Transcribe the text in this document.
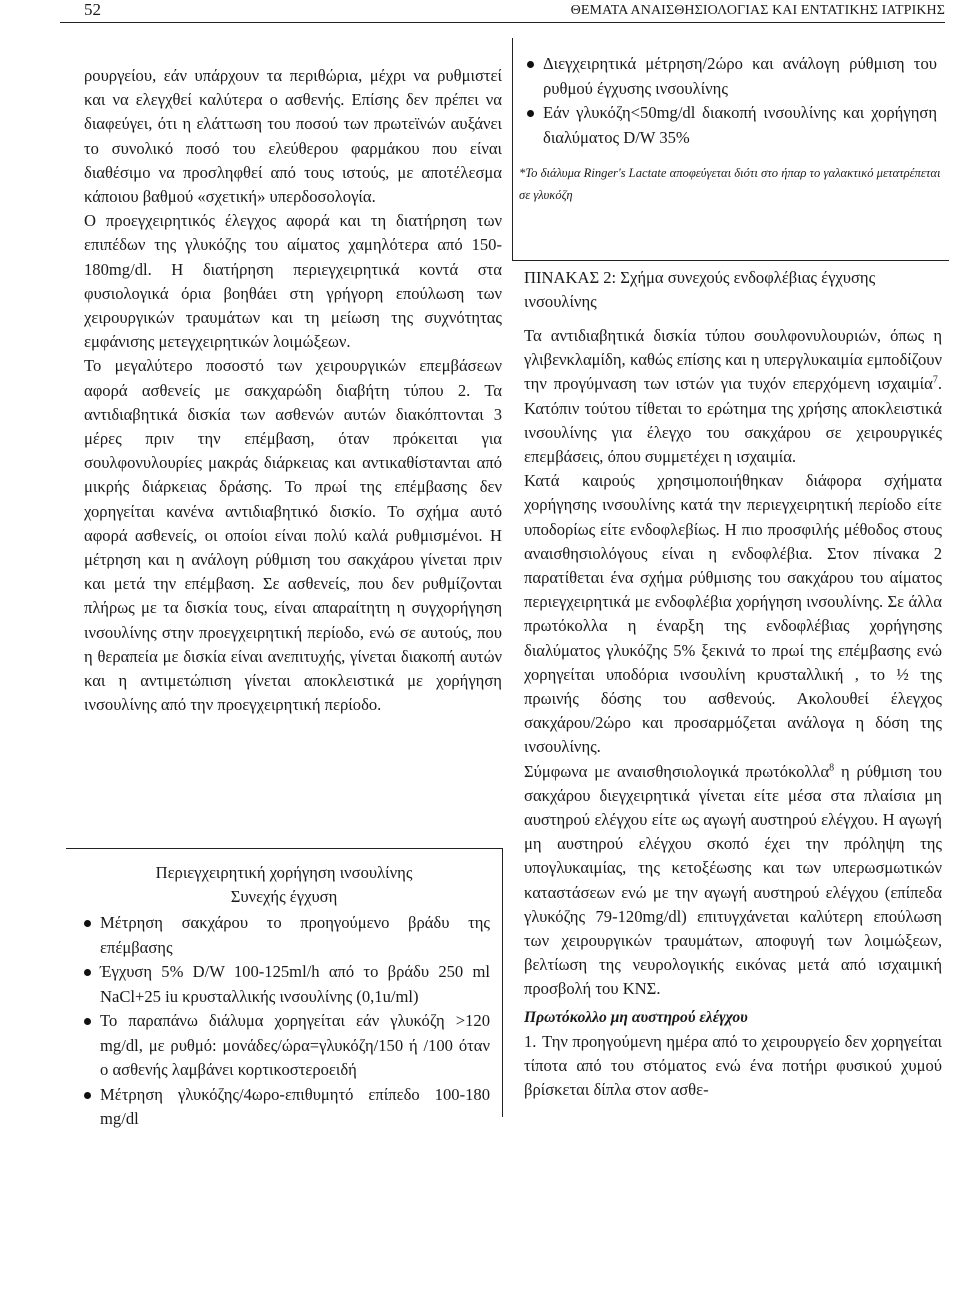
52	ΘΕΜΑΤΑ ΑΝΑΙΣΘΗΣΙΟΛΟΓΙΑΣ ΚΑΙ ΕΝΤΑΤΙΚΗΣ ΙΑΤΡΙΚΗΣ

ρουργείου, εάν υπάρχουν τα περιθώρια, μέχρι να ρυθμιστεί και να ελεγχθεί καλύτερα ο ασθενής. Επίσης δεν πρέπει να διαφεύγει, ότι η ελάττωση του ποσού των πρωτεϊνών αυξάνει το συνολικό ποσό του ελεύθερου φαρμάκου που είναι διαθέσιμο να προσληφθεί από τους ιστούς, με αποτέλεσμα κάποιου βαθμού «σχετική» υπερδοσολογία.

Ο προεγχειρητικός έλεγχος αφορά και τη διατήρηση των επιπέδων της γλυκόζης του αίματος χαμηλότερα από 150-180mg/dl. Η διατήρηση περιεγχειρητικά κοντά στα φυσιολογικά όρια βοηθάει στη γρήγορη επούλωση των χειρουργικών τραυμάτων και τη μείωση της συχνότητας εμφάνισης μετεγχειρητικών λοιμώξεων.

Το μεγαλύτερο ποσοστό των χειρουργικών επεμβάσεων αφορά ασθενείς με σακχαρώδη διαβήτη τύπου 2. Τα αντιδιαβητικά δισκία των ασθενών αυτών διακόπτονται 3 μέρες πριν την επέμβαση, όταν πρόκειται για σουλφονυλουρίες μακράς διάρκειας και αντικαθίστανται από μικρής διάρκειας δράσης. Το πρωί της επέμβασης δεν χορηγείται κανένα αντιδιαβητικό δισκίο. Το σχήμα αυτό αφορά ασθενείς, οι οποίοι είναι πολύ καλά ρυθμισμένοι. Η μέτρηση και η ανάλογη ρύθμιση του σακχάρου γίνεται πριν και μετά την επέμβαση. Σε ασθενείς, που δεν ρυθμίζονται πλήρως με τα δισκία τους, είναι απαραίτητη η συγχορήγηση ινσουλίνης στην προεγχειρητική περίοδο, ενώ σε αυτούς, που η θεραπεία με δισκία είναι ανεπιτυχής, γίνεται διακοπή αυτών και η αντιμετώπιση γίνεται αποκλειστικά με χορήγηση ινσουλίνης από την προεγχειρητική περίοδο.

Περιεγχειρητική χορήγηση ινσουλίνης
Συνεχής έγχυση
Μέτρηση σακχάρου το προηγούμενο βράδυ της επέμβασης
Έγχυση 5% D/W 100-125ml/h από το βράδυ 250 ml NaCl+25 iu κρυσταλλικής ινσουλίνης (0,1u/ml)
Το παραπάνω διάλυμα χορηγείται εάν γλυκόζη >120 mg/dl, με ρυθμό: μονάδες/ώρα=γλυκόζη/150 ή /100 όταν ο ασθενής λαμβάνει κορτικοστεροειδή
Μέτρηση γλυκόζης/4ωρο-επιθυμητό επίπεδο 100-180 mg/dl
Διεγχειρητικά μέτρηση/2ώρο και ανάλογη ρύθμιση του ρυθμού έγχυσης ινσουλίνης
Εάν γλυκόζη<50mg/dl διακοπή ινσουλίνης και χορήγηση διαλύματος D/W 35%

*Το διάλυμα Ringer's Lactate αποφεύγεται διότι στο ήπαρ το γαλακτικό μετατρέπεται σε γλυκόζη

ΠΙΝΑΚΑΣ 2: Σχήμα συνεχούς ενδοφλέβιας έγχυσης ινσουλίνης

Τα αντιδιαβητικά δισκία τύπου σουλφονυλουριών, όπως η γλιβενκλαμίδη, καθώς επίσης και η υπεργλυκαιμία εμποδίζουν την προγύμναση των ιστών για τυχόν επερχόμενη ισχαιμία$^7$. Κατόπιν τούτου τίθεται το ερώτημα της χρήσης αποκλειστικά ινσουλίνης για έλεγχο του σακχάρου σε χειρουργικές επεμβάσεις, όπου συμμετέχει η ισχαιμία.

Κατά καιρούς χρησιμοποιήθηκαν διάφορα σχήματα χορήγησης ινσουλίνης κατά την περιεγχειρητική περίοδο είτε υποδορίως είτε ενδοφλεβίως. Η πιο προσφιλής μέθοδος στους αναισθησιολόγους είναι η ενδοφλέβια. Στον πίνακα 2 παρατίθεται ένα σχήμα ρύθμισης του σακχάρου του αίματος περιεγχειρητικά με ενδοφλέβια χορήγηση ινσουλίνης. Σε άλλα πρωτόκολλα η έναρξη της ενδοφλέβιας χορήγησης διαλύματος γλυκόζης 5% ξεκινά το πρωί της επέμβασης ενώ χορηγείται υποδόρια ινσουλίνη κρυσταλλική , το ½ της πρωινής δόσης του ασθενούς. Ακολουθεί έλεγχος σακχάρου/2ώρο και προσαρμόζεται ανάλογα η δόση της ινσουλίνης.

Σύμφωνα με αναισθησιολογικά πρωτόκολλα$^8$ η ρύθμιση του σακχάρου διεγχειρητικά γίνεται είτε μέσα στα πλαίσια μη αυστηρού ελέγχου είτε ως αγωγή αυστηρού ελέγχου. Η αγωγή μη αυστηρού ελέγχου σκοπό έχει την πρόληψη της υπογλυκαιμίας, της κετοξέωσης και των υπερωσμωτικών καταστάσεων ενώ με την αγωγή αυστηρού ελέγχου (επίπεδα γλυκόζης 79-120mg/dl) επιτυγχάνεται καλύτερη επούλωση των χειρουργικών τραυμάτων, αποφυγή των λοιμώξεων, βελτίωση της νευρολογικής εικόνας μετά από ισχαιμική προσβολή του ΚΝΣ.

Πρωτόκολλο μη αυστηρού ελέγχου

1. Την προηγούμενη ημέρα από το χειρουργείο δεν χορηγείται τίποτα από του στόματος ενώ ένα ποτήρι φυσικού χυμού βρίσκεται δίπλα στον ασθε-
